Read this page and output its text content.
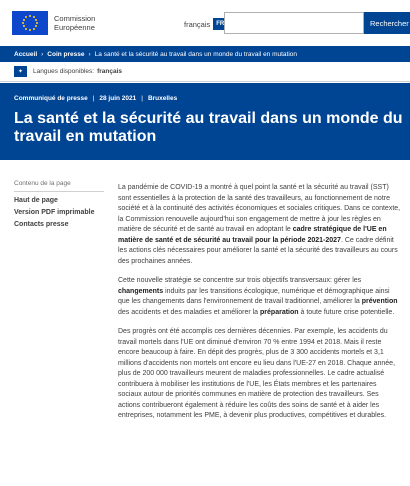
Commission
Européenne	français	FR	Rechercher
Accueil › Coin presse › La santé et la sécurité au travail dans un monde du travail en mutation
✦	Langues disponibles: français
Communiqué de presse | 28 juin 2021 | Bruxelles
La santé et la sécurité au travail dans un monde du travail en mutation
Contenu de la page
Haut de page
Version PDF imprimable
Contacts presse

La pandémie de COVID-19 a montré à quel point la santé et la sécurité au travail (SST) sont essentielles à la protection de la santé des travailleurs, au fonctionnement de notre société et à la continuité des activités économiques et sociales critiques. Dans ce contexte, la Commission renouvelle aujourd'hui son engagement de mettre à jour les règles en matière de sécurité et de santé au travail en adoptant le cadre stratégique de l'UE en matière de santé et de sécurité au travail pour la période 2021-2027. Ce cadre définit les actions clés nécessaires pour améliorer la santé et la sécurité des travailleurs au cours des prochaines années.

Cette nouvelle stratégie se concentre sur trois objectifs transversaux: gérer les changements induits par les transitions écologique, numérique et démographique ainsi que les changements dans l'environnement de travail traditionnel, améliorer la prévention des accidents et des maladies et améliorer la préparation à toute future crise potentielle.

Des progrès ont été accomplis ces dernières décennies. Par exemple, les accidents du travail mortels dans l'UE ont diminué d'environ 70 % entre 1994 et 2018. Mais il reste encore beaucoup à faire. En dépit des progrès, plus de 3 300 accidents mortels et 3,1 millions d'accidents non mortels ont encore eu lieu dans l'UE-27 en 2018. Chaque année, plus de 200 000 travailleurs meurent de maladies professionnelles. Le cadre actualisé contribuera à mobiliser les institutions de l'UE, les États membres et les partenaires sociaux autour de priorités communes en matière de protection des travailleurs. Ses actions contribueront également à réduire les coûts des soins de santé et à aider les entreprises, notamment les PME, à devenir plus productives, compétitives et durables.
